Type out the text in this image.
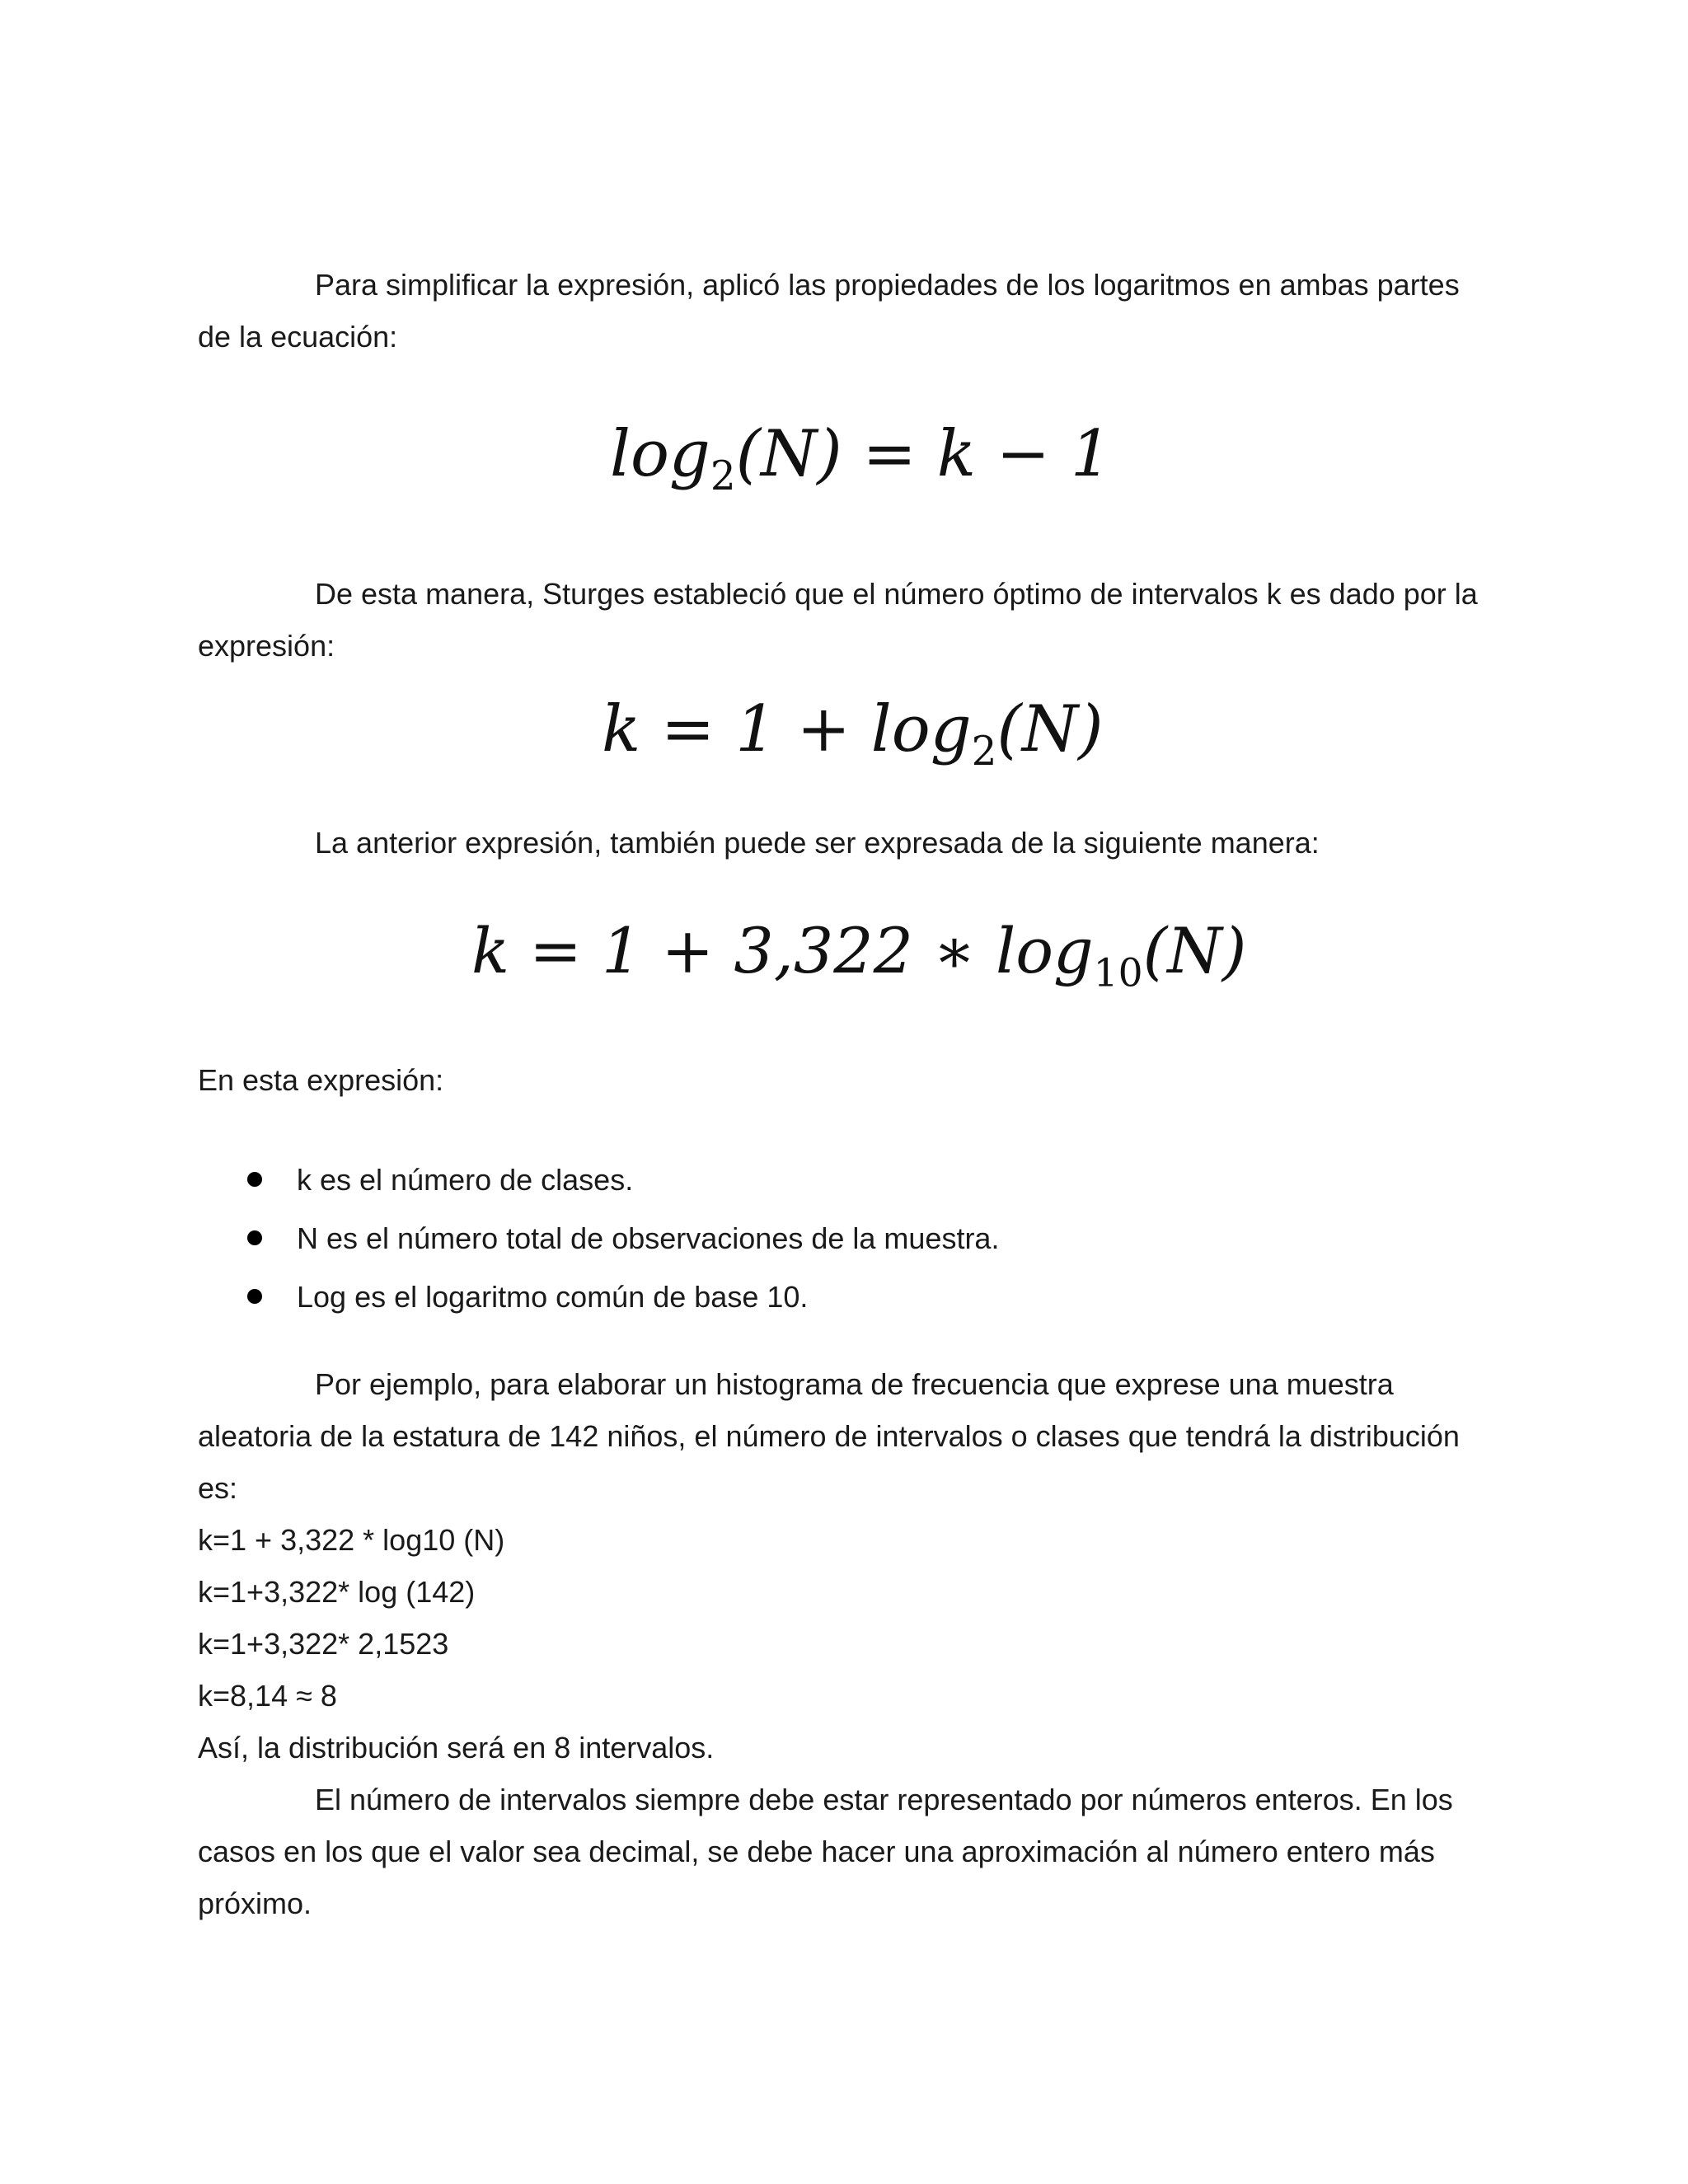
Para simplificar la expresión, aplicó las propiedades de los logaritmos en ambas partes de la ecuación:

$\log_2(N) = k - 1$

De esta manera, Sturges estableció que el número óptimo de intervalos k es dado por la expresión:

$k = 1 + \log_2(N)$

La anterior expresión, también puede ser expresada de la siguiente manera:

k = 1 + 3,322 ∗ $\log_{10}(N)$

En esta expresión:

k es el número de clases.
N es el número total de observaciones de la muestra.
Log es el logaritmo común de base 10.

Por ejemplo, para elaborar un histograma de frecuencia que exprese una muestra aleatoria de la estatura de 142 niños, el número de intervalos o clases que tendrá la distribución es:

k=1 + 3,322 * log10 (N)

k=1+3,322* log (142)

k=1+3,322* 2,1523

k=8,14 ≈ 8

Así, la distribución será en 8 intervalos.

El número de intervalos siempre debe estar representado por números enteros. En los casos en los que el valor sea decimal, se debe hacer una aproximación al número entero más próximo.
